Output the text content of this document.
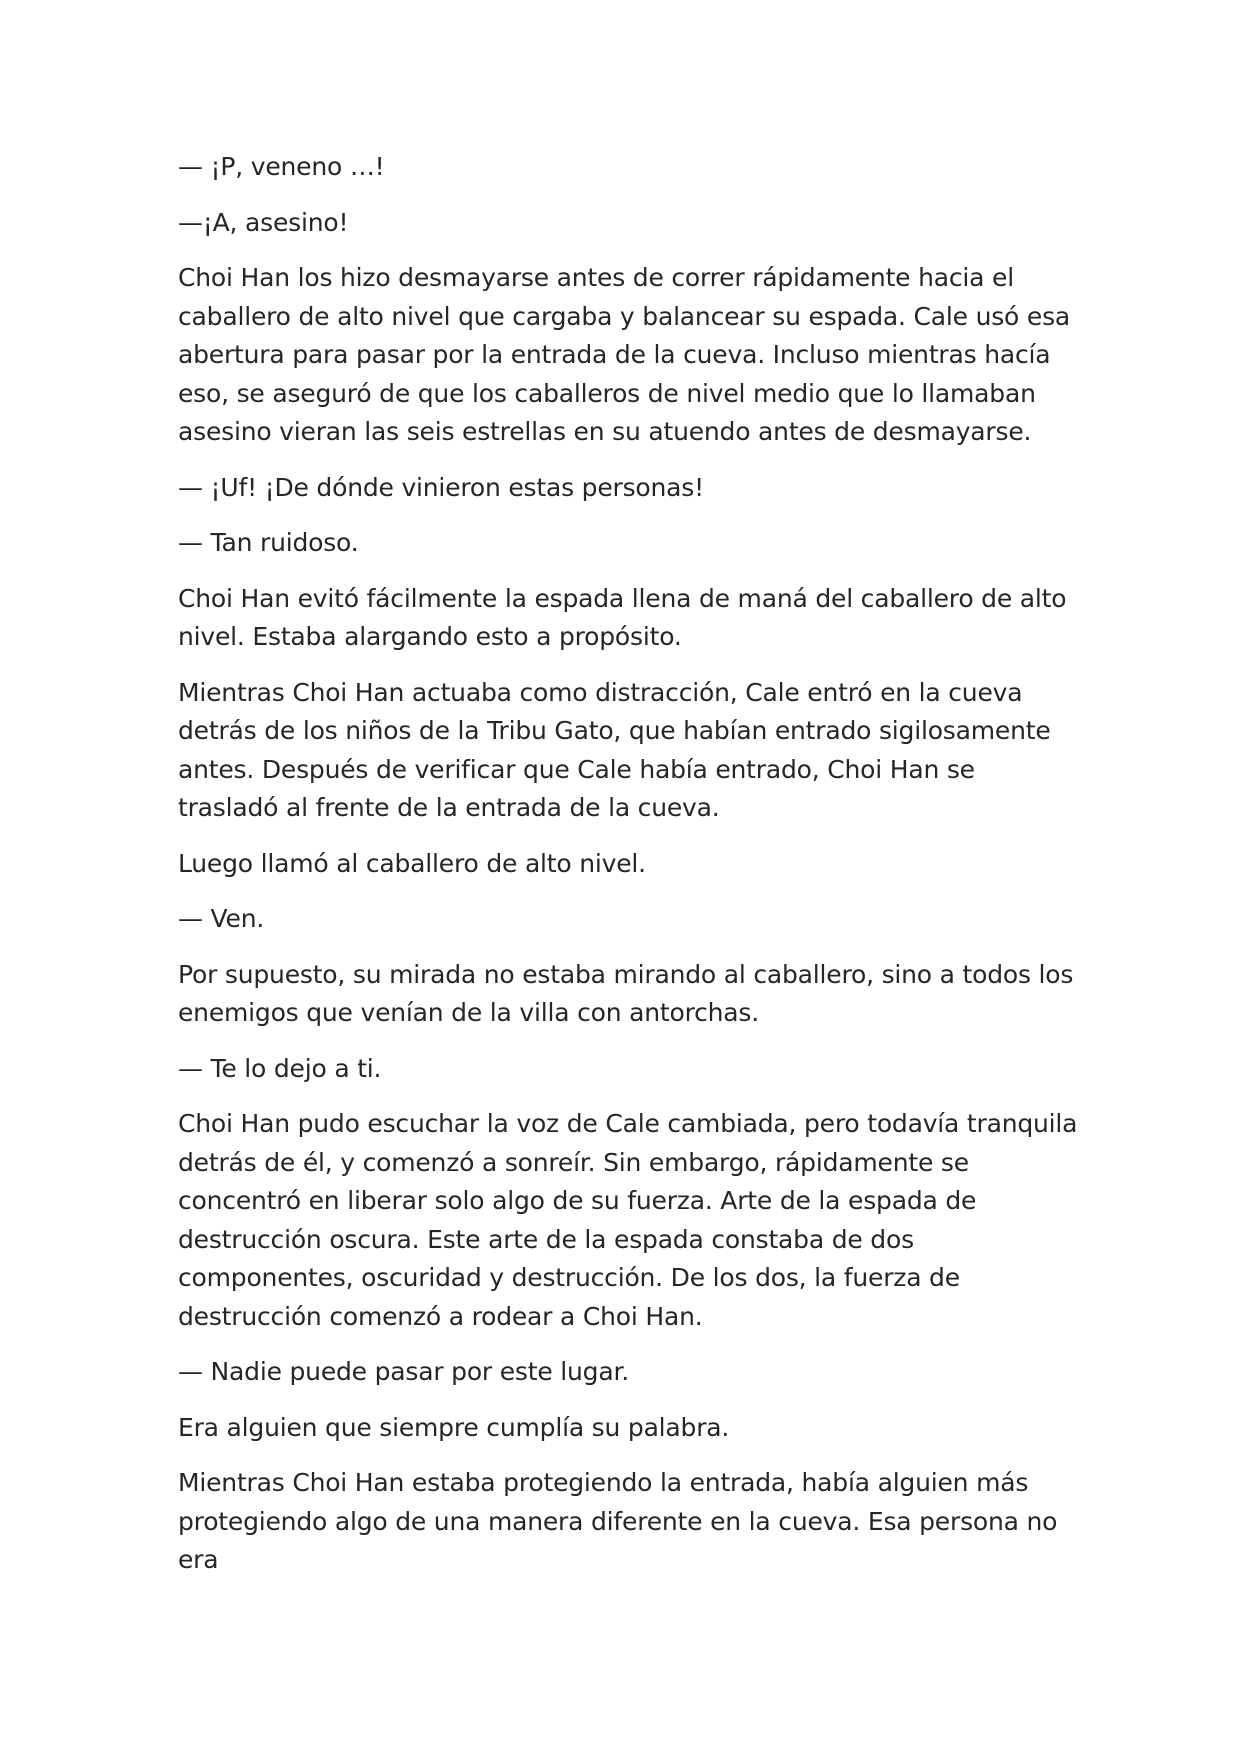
— ¡P, veneno …!

—¡A, asesino!

Choi Han los hizo desmayarse antes de correr rápidamente hacia el caballero de alto nivel que cargaba y balancear su espada. Cale usó esa abertura para pasar por la entrada de la cueva. Incluso mientras hacía eso, se aseguró de que los caballeros de nivel medio que lo llamaban asesino vieran las seis estrellas en su atuendo antes de desmayarse.

— ¡Uf! ¡De dónde vinieron estas personas!

— Tan ruidoso.

Choi Han evitó fácilmente la espada llena de maná del caballero de alto nivel. Estaba alargando esto a propósito.

Mientras Choi Han actuaba como distracción, Cale entró en la cueva detrás de los niños de la Tribu Gato, que habían entrado sigilosamente antes. Después de verificar que Cale había entrado, Choi Han se trasladó al frente de la entrada de la cueva.

Luego llamó al caballero de alto nivel.

— Ven.

Por supuesto, su mirada no estaba mirando al caballero, sino a todos los enemigos que venían de la villa con antorchas.

— Te lo dejo a ti.

Choi Han pudo escuchar la voz de Cale cambiada, pero todavía tranquila detrás de él, y comenzó a sonreír. Sin embargo, rápidamente se concentró en liberar solo algo de su fuerza. Arte de la espada de destrucción oscura. Este arte de la espada constaba de dos componentes, oscuridad y destrucción. De los dos, la fuerza de destrucción comenzó a rodear a Choi Han.

— Nadie puede pasar por este lugar.

Era alguien que siempre cumplía su palabra.

Mientras Choi Han estaba protegiendo la entrada, había alguien más protegiendo algo de una manera diferente en la cueva. Esa persona no era
